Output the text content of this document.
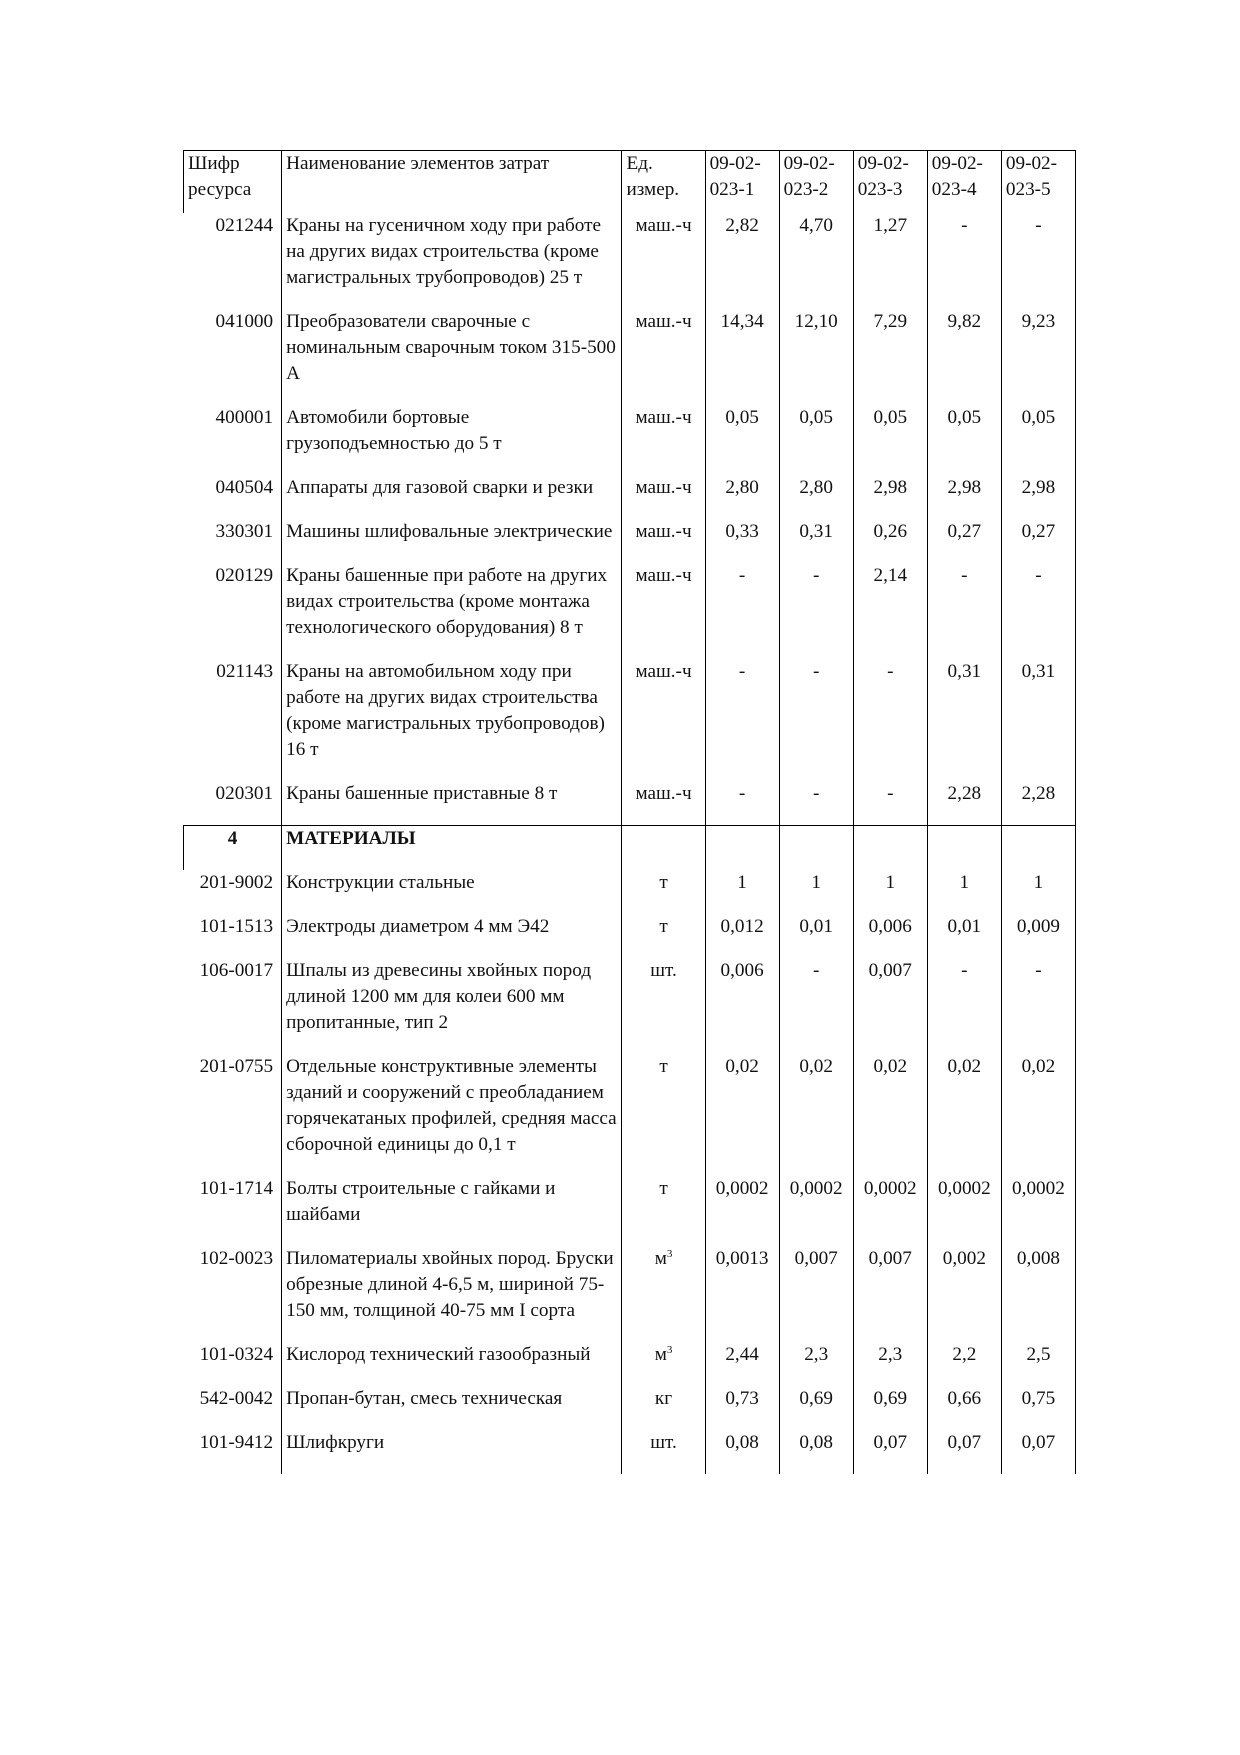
Шифр ресурса	Наименование элементов затрат	Ед. измер.	09-02-023-1	09-02-023-2	09-02-023-3	09-02-023-4	09-02-023-5
021244	Краны на гусеничном ходу при работе на других видах строительства (кроме магистральных трубопроводов) 25 т	маш.-ч	2,82	4,70	1,27	-	-
041000	Преобразователи сварочные с номинальным сварочным током 315-500 А	маш.-ч	14,34	12,10	7,29	9,82	9,23
400001	Автомобили бортовые грузоподъемностью до 5 т	маш.-ч	0,05	0,05	0,05	0,05	0,05
040504	Аппараты для газовой сварки и резки	маш.-ч	2,80	2,80	2,98	2,98	2,98
330301	Машины шлифовальные электрические	маш.-ч	0,33	0,31	0,26	0,27	0,27
020129	Краны башенные при работе на других видах строительства (кроме монтажа технологического оборудования) 8 т	маш.-ч	-	-	2,14	-	-
021143	Краны на автомобильном ходу при работе на других видах строительства (кроме магистральных трубопроводов) 16 т	маш.-ч	-	-	-	0,31	0,31
020301	Краны башенные приставные 8 т	маш.-ч	-	-	-	2,28	2,28
4	МАТЕРИАЛЫ						
201-9002	Конструкции стальные	т	1	1	1	1	1
101-1513	Электроды диаметром 4 мм Э42	т	0,012	0,01	0,006	0,01	0,009
106-0017	Шпалы из древесины хвойных пород длиной 1200 мм для колеи 600 мм пропитанные, тип 2	шт.	0,006	-	0,007	-	-
201-0755	Отдельные конструктивные элементы зданий и сооружений с преобладанием горячекатаных профилей, средняя масса сборочной единицы до 0,1 т	т	0,02	0,02	0,02	0,02	0,02
101-1714	Болты строительные с гайками и шайбами	т	0,0002	0,0002	0,0002	0,0002	0,0002
102-0023	Пиломатериалы хвойных пород. Бруски обрезные длиной 4-6,5 м, шириной 75-150 мм, толщиной 40-75 мм I сорта	$м^3$	0,0013	0,007	0,007	0,002	0,008
101-0324	Кислород технический газообразный	$м^3$	2,44	2,3	2,3	2,2	2,5
542-0042	Пропан-бутан, смесь техническая	кг	0,73	0,69	0,69	0,66	0,75
101-9412	Шлифкруги	шт.	0,08	0,08	0,07	0,07	0,07
